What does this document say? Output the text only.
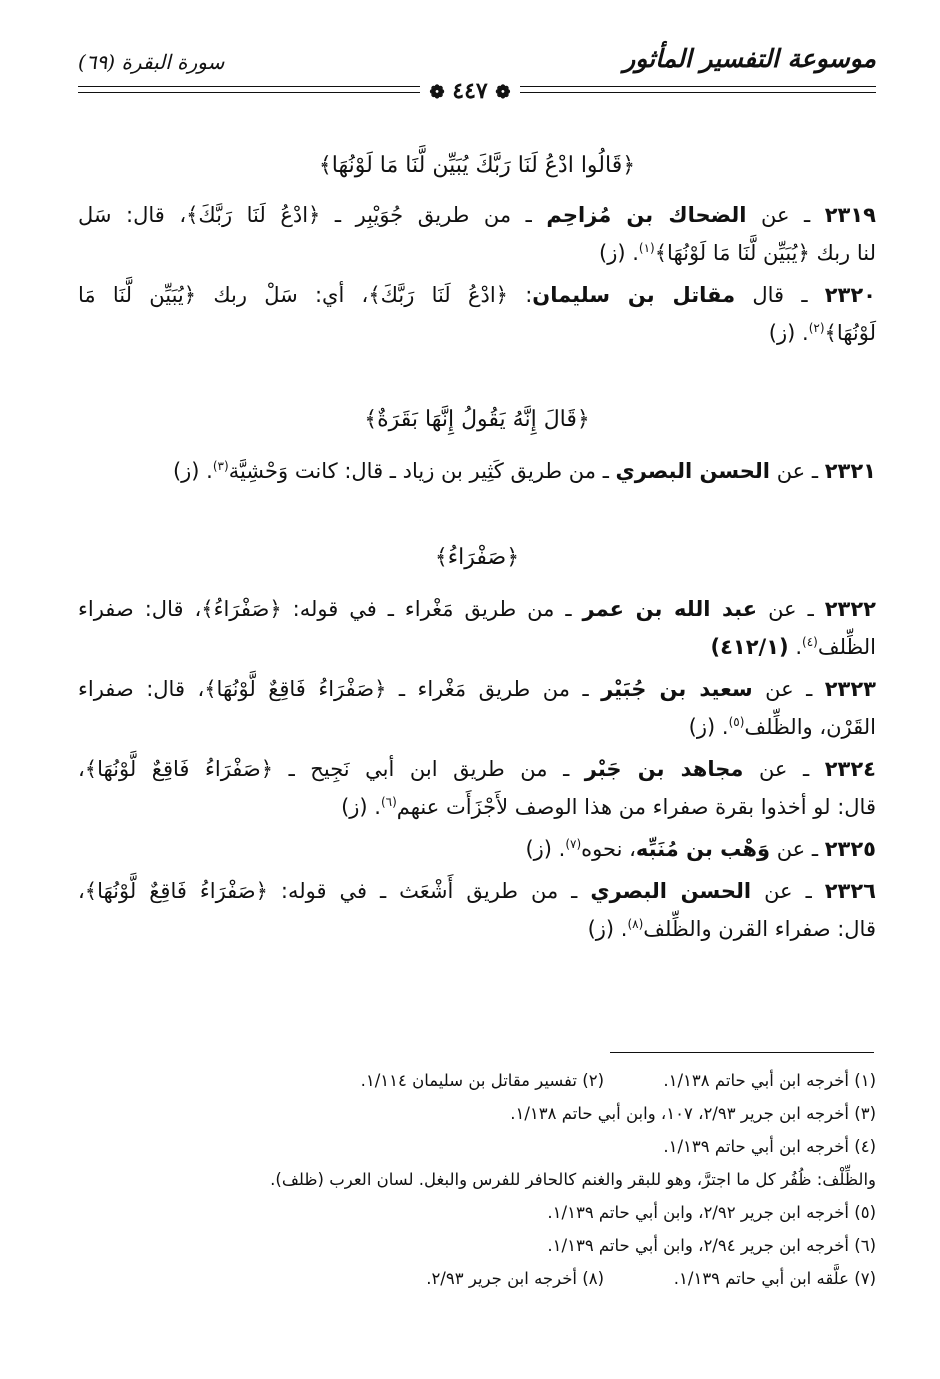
موسوعة التفسير المأثور
سورة البقرة (٦٩)
❁ ٤٤٧ ❁

﴿قَالُوا ادْعُ لَنَا رَبَّكَ يُبَيِّن لَّنَا مَا لَوْنُهَا﴾

٢٣١٩ ـ عن الضحاك بن مُزاحِم ـ من طريق جُوَيْبِر ـ ﴿ادْعُ لَنَا رَبَّكَ﴾، قال: سَل
لنا ربك ﴿يُبَيِّن لَّنَا مَا لَوْنُهَا﴾$^{(١)}$. (ز)

٢٣٢٠ ـ قال مقاتل بن سليمان: ﴿ادْعُ لَنَا رَبَّكَ﴾، أي: سَلْ ربك ﴿يُبَيِّن لَّنَا مَا
لَوْنُهَا﴾$^{(٢)}$. (ز)

﴿قَالَ إِنَّهُ يَقُولُ إِنَّهَا بَقَرَةٌ﴾

٢٣٢١ ـ عن الحسن البصري ـ من طريق كَثِير بن زياد ـ قال: كانت وَحْشِيَّة$^{(٣)}$. (ز)

﴿صَفْرَاءُ﴾

٢٣٢٢ ـ عن عبد الله بن عمر ـ من طريق مَغْراء ـ في قوله: ﴿صَفْرَاءُ﴾، قال: صفراء
الظِّلف$^{(٤)}$. (٤١٢/١)

٢٣٢٣ ـ عن سعيد بن جُبَيْر ـ من طريق مَغْراء ـ ﴿صَفْرَاءُ فَاقِعٌ لَّوْنُهَا﴾، قال: صفراء
القَرْن، والظِّلف$^{(٥)}$. (ز)

٢٣٢٤ ـ عن مجاهد بن جَبْر ـ من طريق ابن أبي نَجِيح ـ ﴿صَفْرَاءُ فَاقِعٌ لَّوْنُهَا﴾،
قال: لو أخذوا بقرة صفراء من هذا الوصف لأَجْزَأَت عنهم$^{(٦)}$. (ز)

٢٣٢٥ ـ عن وَهْب بن مُنَبِّه، نحوه$^{(٧)}$. (ز)

٢٣٢٦ ـ عن الحسن البصري ـ من طريق أَشْعَث ـ في قوله: ﴿صَفْرَاءُ فَاقِعٌ لَّوْنُهَا﴾،
قال: صفراء القرن والظِّلف$^{(٨)}$. (ز)

(١) أخرجه ابن أبي حاتم ١/١٣٨.

(٢) تفسير مقاتل بن سليمان ١/١١٤.

(٣) أخرجه ابن جرير ٢/٩٣، ١٠٧، وابن أبي حاتم ١/١٣٨.

(٤) أخرجه ابن أبي حاتم ١/١٣٩.

والظِّلْف: ظُفُر كل ما اجترَّ، وهو للبقر والغنم كالحافر للفرس والبغل. لسان العرب (ظلف).

(٥) أخرجه ابن جرير ٢/٩٢، وابن أبي حاتم ١/١٣٩.

(٦) أخرجه ابن جرير ٢/٩٤، وابن أبي حاتم ١/١٣٩.

(٧) علَّقه ابن أبي حاتم ١/١٣٩.

(٨) أخرجه ابن جرير ٢/٩٣.
